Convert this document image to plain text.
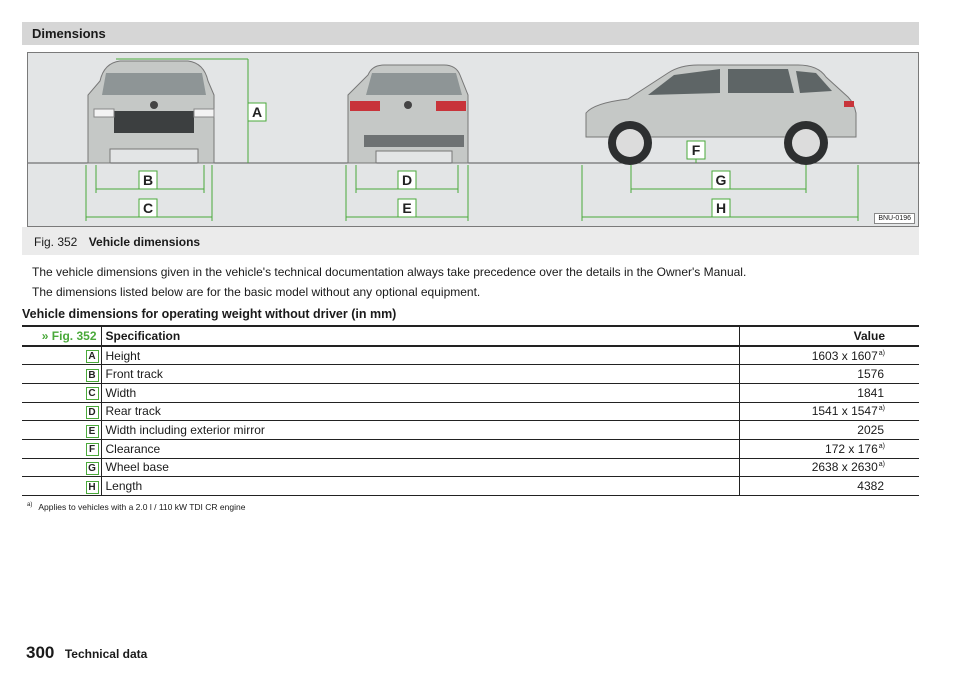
Dimensions
A
B
C
D
E
F
G
H
BNU-0196
Fig. 352 Vehicle dimensions
The vehicle dimensions given in the vehicle's technical documentation always take precedence over the details in the Owner's Manual.
The dimensions listed below are for the basic model without any optional equipment.
Vehicle dimensions for operating weight without driver (in mm)
» Fig. 352	Specification	Value
A	Height	1603 x 1607$^{a)}$
B	Front track	1576
C	Width	1841
D	Rear track	1541 x 1547$^{a)}$
E	Width including exterior mirror	2025
F	Clearance	172 x 176$^{a)}$
G	Wheel base	2638 x 2630$^{a)}$
H	Length	4382
$^{a)}$ Applies to vehicles with a 2.0 l / 110 kW TDI CR engine
300 Technical data
